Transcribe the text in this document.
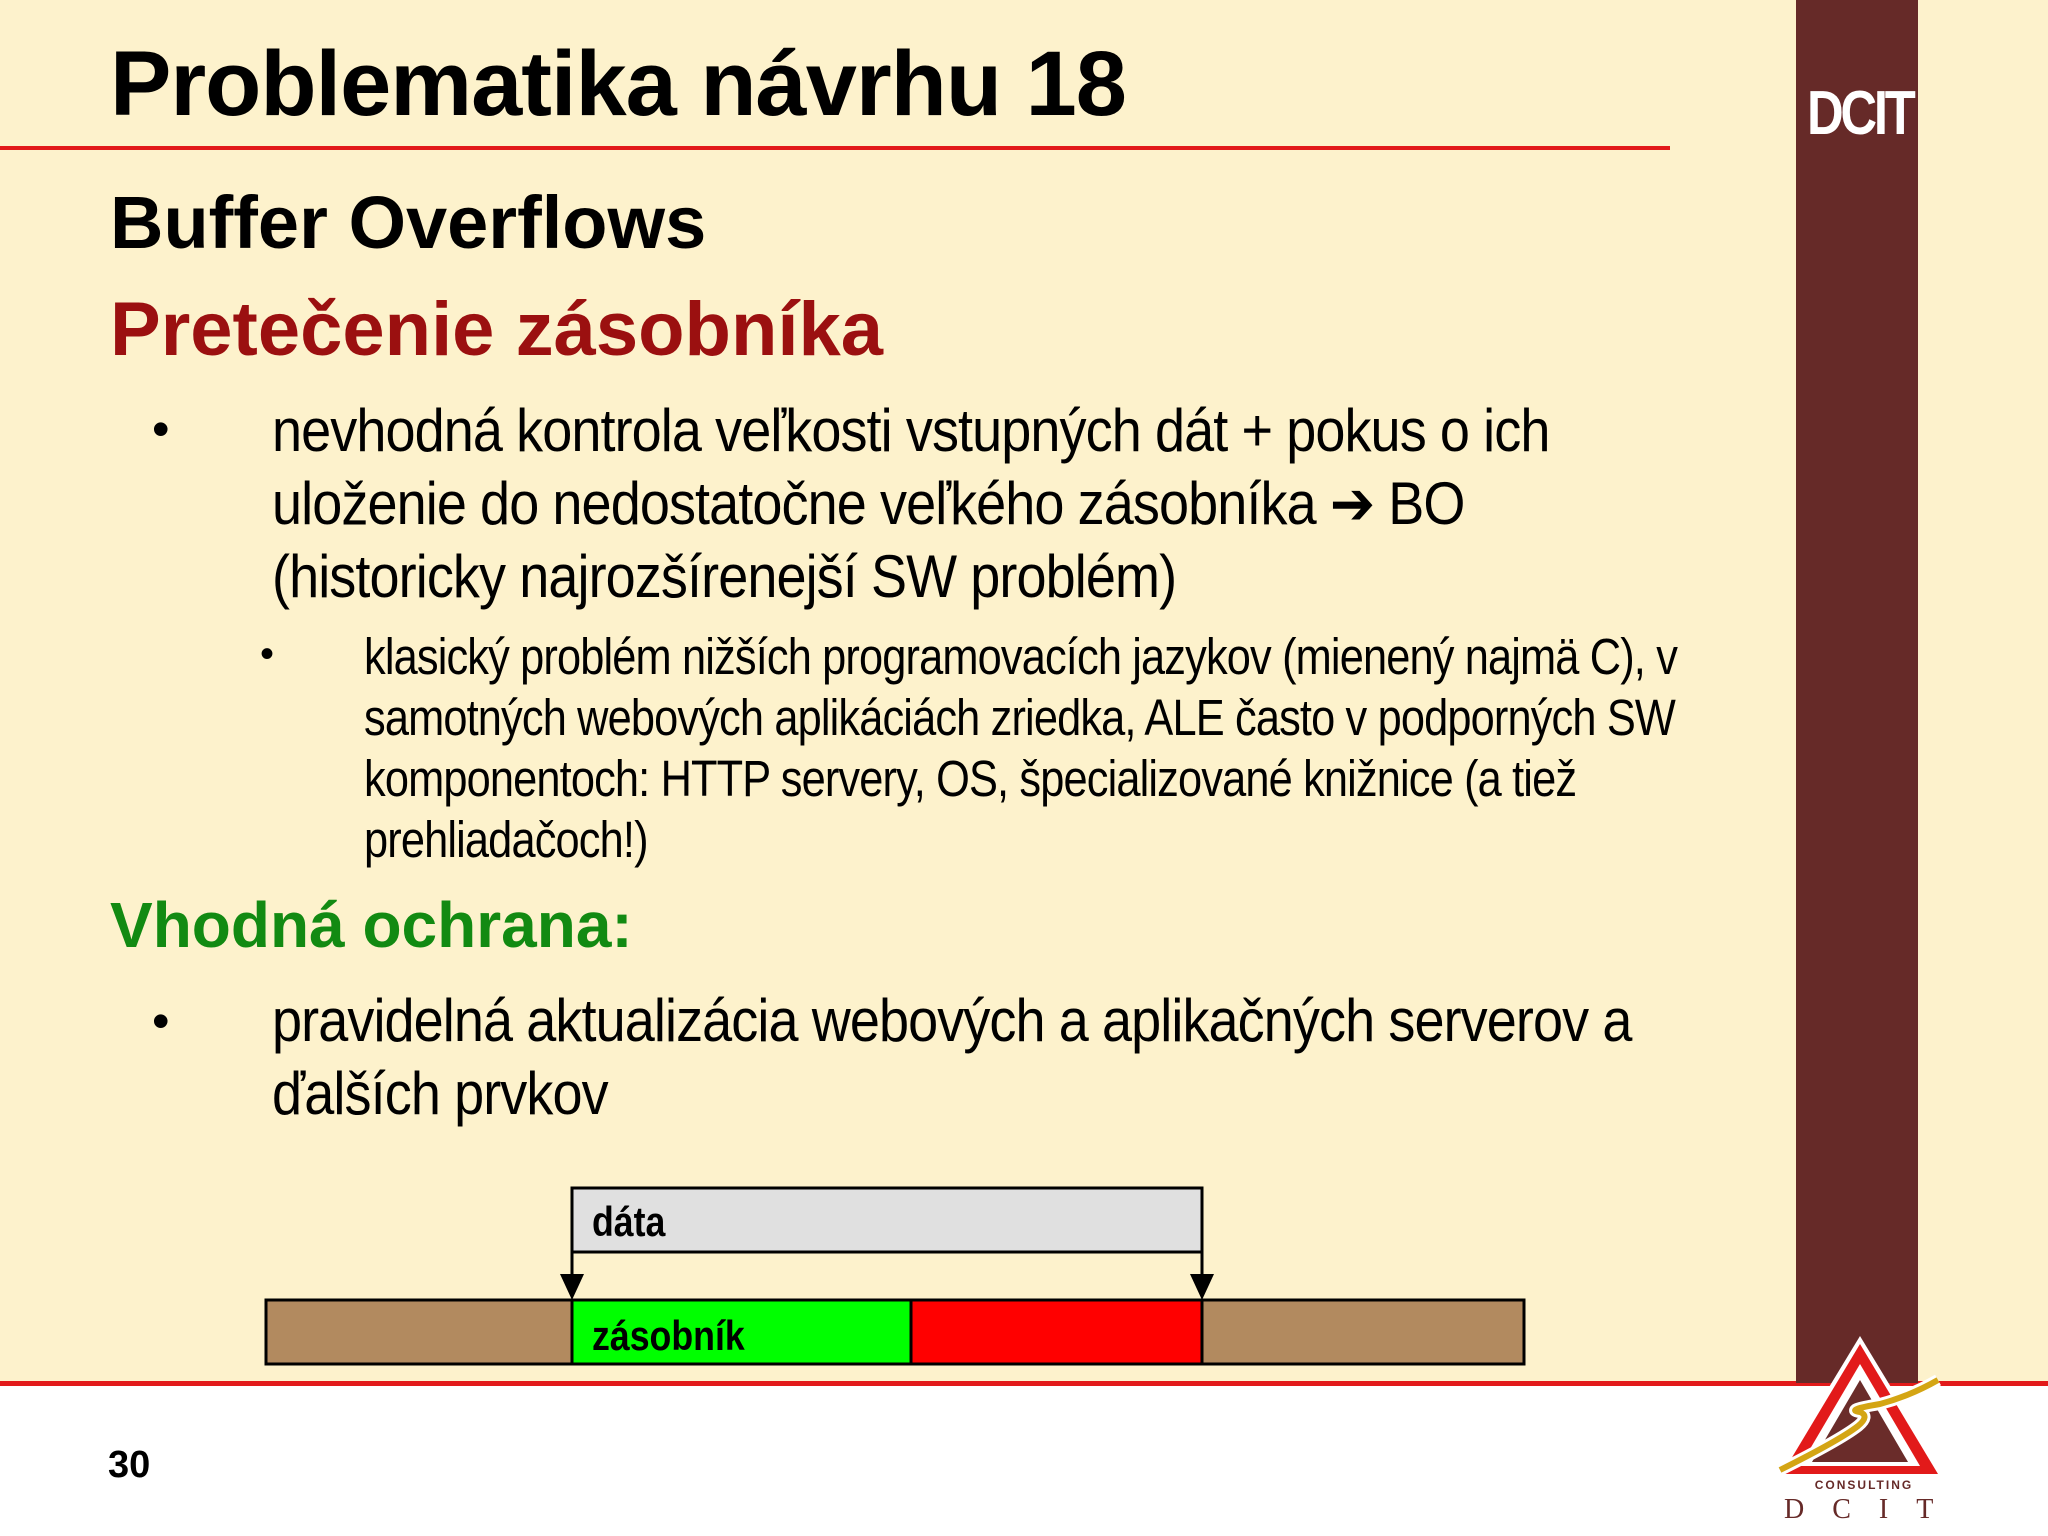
DCIT
Problematika návrhu 18
Buffer Overflows
Pretečenie zásobníka
• nevhodná kontrola veľkosti vstupných dát + pokus o ich uloženie do nedostatočne veľkého zásobníka ➔ BO (historicky najrozšírenejší SW problém)
• klasický problém nižších programovacích jazykov (mienený najmä C), v samotných webových aplikáciách zriedka, ALE často v podporných SW komponentoch: HTTP servery, OS, špecializované knižnice (a tiež prehliadačoch!)
Vhodná ochrana:
• pravidelná aktualizácia webových a aplikačných serverov a ďalších prvkov
dáta
zásobník
30	CONSULTING
DCIT
